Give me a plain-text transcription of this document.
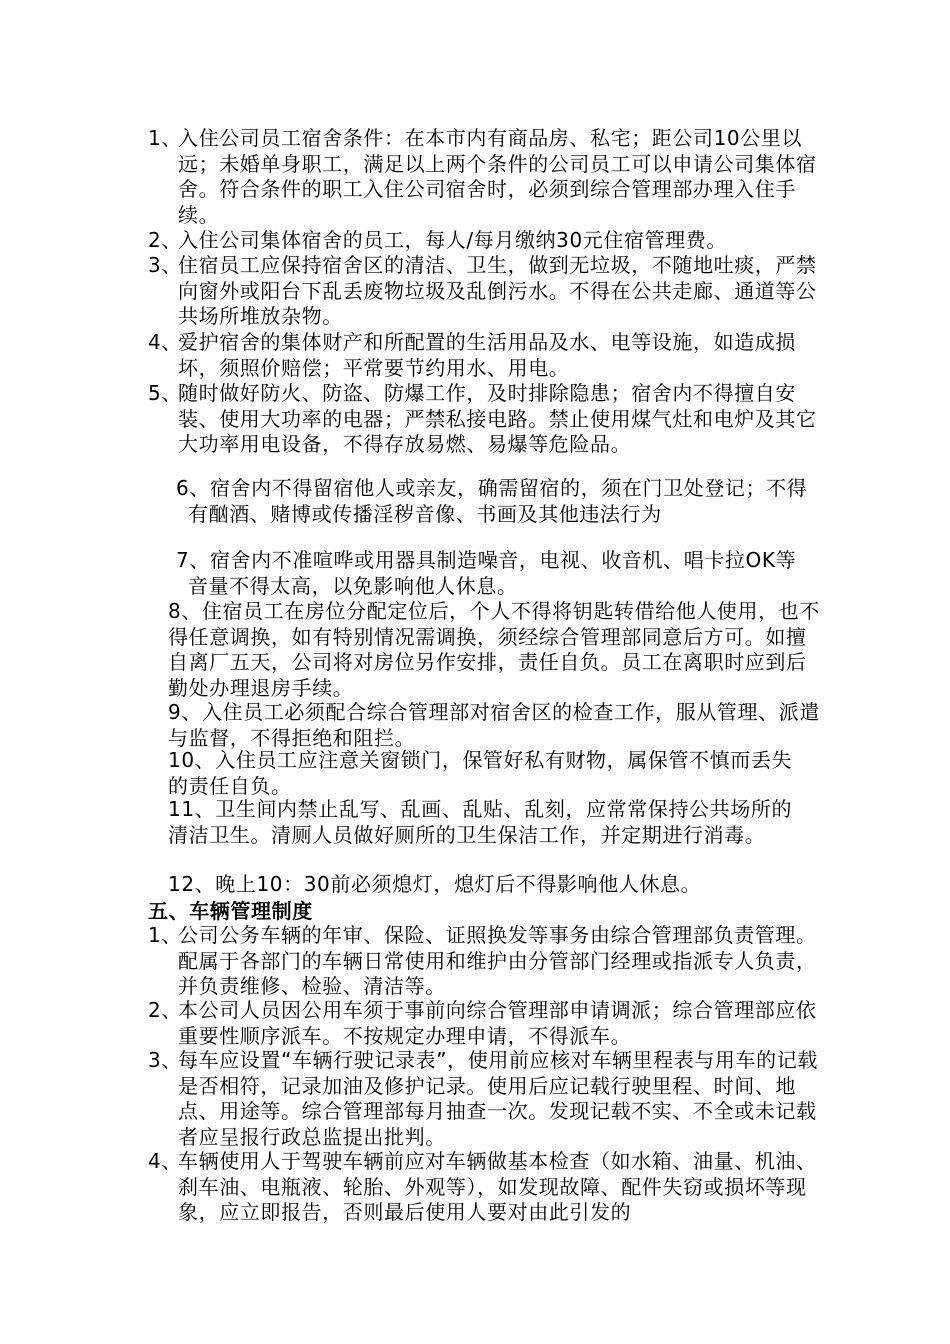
1、
入住公司员工宿舍条件：在本市内有商品房、私宅；距公司10公里以远；未婚单身职工，满足以上两个条件的公司员工可以申请公司集体宿舍。符合条件的职工入住公司宿舍时，必须到综合管理部办理入住手续。
2、
入住公司集体宿舍的员工，每人/每月缴纳30元住宿管理费。
3、
住宿员工应保持宿舍区的清洁、卫生，做到无垃圾，不随地吐痰，严禁向窗外或阳台下乱丢废物垃圾及乱倒污水。不得在公共走廊、通道等公共场所堆放杂物。
4、
爱护宿舍的集体财产和所配置的生活用品及水、电等设施，如造成损坏，须照价赔偿；平常要节约用水、用电。
5、
随时做好防火、防盗、防爆工作，及时排除隐患；宿舍内不得擅自安装、使用大功率的电器；严禁私接电路。禁止使用煤气灶和电炉及其它大功率用电设备，不得存放易燃、易爆等危险品。
6、宿舍内不得留宿他人或亲友，确需留宿的，须在门卫处登记；不得有酗酒、赌博或传播淫秽音像、书画及其他违法行为
7、宿舍内不准喧哗或用器具制造噪音，电视、收音机、唱卡拉OK等音量不得太高，以免影响他人休息。
8、住宿员工在房位分配定位后，个人不得将钥匙转借给他人使用，也不得任意调换，如有特别情况需调换，须经综合管理部同意后方可。如擅自离厂五天，公司将对房位另作安排，责任自负。员工在离职时应到后勤处办理退房手续。
9、入住员工必须配合综合管理部对宿舍区的检查工作，服从管理、派遣与监督，不得拒绝和阻拦。
10、入住员工应注意关窗锁门，保管好私有财物，属保管不慎而丢失的责任自负。
11、卫生间内禁止乱写、乱画、乱贴、乱刻，应常常保持公共场所的清洁卫生。清厕人员做好厕所的卫生保洁工作，并定期进行消毒。
12、晚上10：30前必须熄灯，熄灯后不得影响他人休息。
五、车辆管理制度
1、
公司公务车辆的年审、保险、证照换发等事务由综合管理部负责管理。配属于各部门的车辆日常使用和维护由分管部门经理或指派专人负责，并负责维修、检验、清洁等。
2、
本公司人员因公用车须于事前向综合管理部申请调派；综合管理部应依重要性顺序派车。不按规定办理申请，不得派车。
3、
每车应设置“车辆行驶记录表”，使用前应核对车辆里程表与用车的记载是否相符，记录加油及修护记录。使用后应记载行驶里程、时间、地点、用途等。综合管理部每月抽查一次。发现记载不实、不全或未记载者应呈报行政总监提出批判。
4、
车辆使用人于驾驶车辆前应对车辆做基本检查（如水箱、油量、机油、刹车油、电瓶液、轮胎、外观等），如发现故障、配件失窃或损坏等现象，应立即报告，否则最后使用人要对由此引发的
